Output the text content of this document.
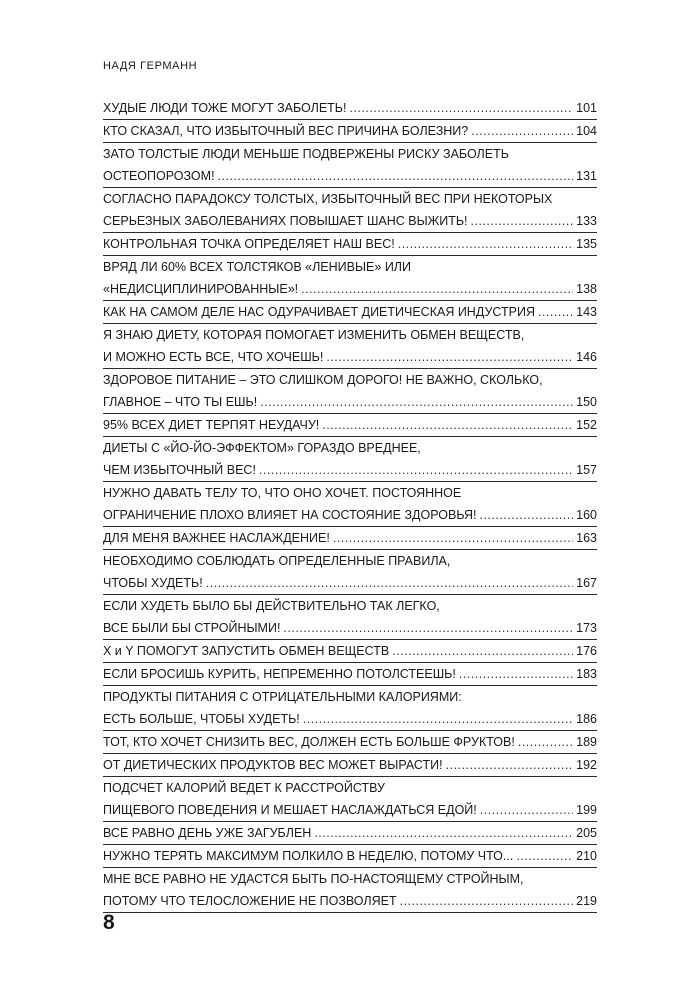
НАДЯ ГЕРМАНН
ХУДЫЕ ЛЮДИ ТОЖЕ МОГУТ ЗАБОЛЕТЬ! .....	101
КТО СКАЗАЛ, ЧТО ИЗБЫТОЧНЫЙ ВЕС ПРИЧИНА БОЛЕЗНИ? .....	104
ЗАТО ТОЛСТЫЕ ЛЮДИ МЕНЬШЕ ПОДВЕРЖЕНЫ РИСКУ ЗАБОЛЕТЬ
ОСТЕОПОРОЗОМ! .....	131
СОГЛАСНО ПАРАДОКСУ ТОЛСТЫХ, ИЗБЫТОЧНЫЙ ВЕС ПРИ НЕКОТОРЫХ
СЕРЬЕЗНЫХ ЗАБОЛЕВАНИЯХ ПОВЫШАЕТ ШАНС ВЫЖИТЬ! .....	133
КОНТРОЛЬНАЯ ТОЧКА ОПРЕДЕЛЯЕТ НАШ ВЕС! .....	135
ВРЯД ЛИ 60% ВСЕХ ТОЛСТЯКОВ «ЛЕНИВЫЕ» ИЛИ
«НЕДИСЦИПЛИНИРОВАННЫЕ»! .....	138
КАК НА САМОМ ДЕЛЕ НАС ОДУРАЧИВАЕТ ДИЕТИЧЕСКАЯ ИНДУСТРИЯ .....	143
Я ЗНАЮ ДИЕТУ, КОТОРАЯ ПОМОГАЕТ ИЗМЕНИТЬ ОБМЕН ВЕЩЕСТВ,
И МОЖНО ЕСТЬ ВСЕ, ЧТО ХОЧЕШЬ! .....	146
ЗДОРОВОЕ ПИТАНИЕ – ЭТО СЛИШКОМ ДОРОГО! НЕ ВАЖНО, СКОЛЬКО,
ГЛАВНОЕ – ЧТО ТЫ ЕШЬ! .....	150
95% ВСЕХ ДИЕТ ТЕРПЯТ НЕУДАЧУ! .....	152
ДИЕТЫ С «ЙО-ЙО-ЭФФЕКТОМ» ГОРАЗДО ВРЕДНЕЕ,
ЧЕМ ИЗБЫТОЧНЫЙ ВЕС! .....	157
НУЖНО ДАВАТЬ ТЕЛУ ТО, ЧТО ОНО ХОЧЕТ. ПОСТОЯННОЕ
ОГРАНИЧЕНИЕ ПЛОХО ВЛИЯЕТ НА СОСТОЯНИЕ ЗДОРОВЬЯ! .....	160
ДЛЯ МЕНЯ ВАЖНЕЕ НАСЛАЖДЕНИЕ! .....	163
НЕОБХОДИМО СОБЛЮДАТЬ ОПРЕДЕЛЕННЫЕ ПРАВИЛА,
ЧТОБЫ ХУДЕТЬ! .....	167
ЕСЛИ ХУДЕТЬ БЫЛО БЫ ДЕЙСТВИТЕЛЬНО ТАК ЛЕГКО,
ВСЕ БЫЛИ БЫ СТРОЙНЫМИ! .....	173
X и Y ПОМОГУТ ЗАПУСТИТЬ ОБМЕН ВЕЩЕСТВ .....	176
ЕСЛИ БРОСИШЬ КУРИТЬ, НЕПРЕМЕННО ПОТОЛСТЕЕШЬ! .....	183
ПРОДУКТЫ ПИТАНИЯ С ОТРИЦАТЕЛЬНЫМИ КАЛОРИЯМИ:
ЕСТЬ БОЛЬШЕ, ЧТОБЫ ХУДЕТЬ! .....	186
ТОТ, КТО ХОЧЕТ СНИЗИТЬ ВЕС, ДОЛЖЕН ЕСТЬ БОЛЬШЕ ФРУКТОВ! .....	189
ОТ ДИЕТИЧЕСКИХ ПРОДУКТОВ ВЕС МОЖЕТ ВЫРАСТИ! .....	192
ПОДСЧЕТ КАЛОРИЙ ВЕДЕТ К РАССТРОЙСТВУ
ПИЩЕВОГО ПОВЕДЕНИЯ И МЕШАЕТ НАСЛАЖДАТЬСЯ ЕДОЙ! .....	199
ВСЕ РАВНО ДЕНЬ УЖЕ ЗАГУБЛЕН .....	205
НУЖНО ТЕРЯТЬ МАКСИМУМ ПОЛКИЛО В НЕДЕЛЮ, ПОТОМУ ЧТО... .....	210
МНЕ ВСЕ РАВНО НЕ УДАСТСЯ БЫТЬ ПО-НАСТОЯЩЕМУ СТРОЙНЫМ,
ПОТОМУ ЧТО ТЕЛОСЛОЖЕНИЕ НЕ ПОЗВОЛЯЕТ .....	219
8
